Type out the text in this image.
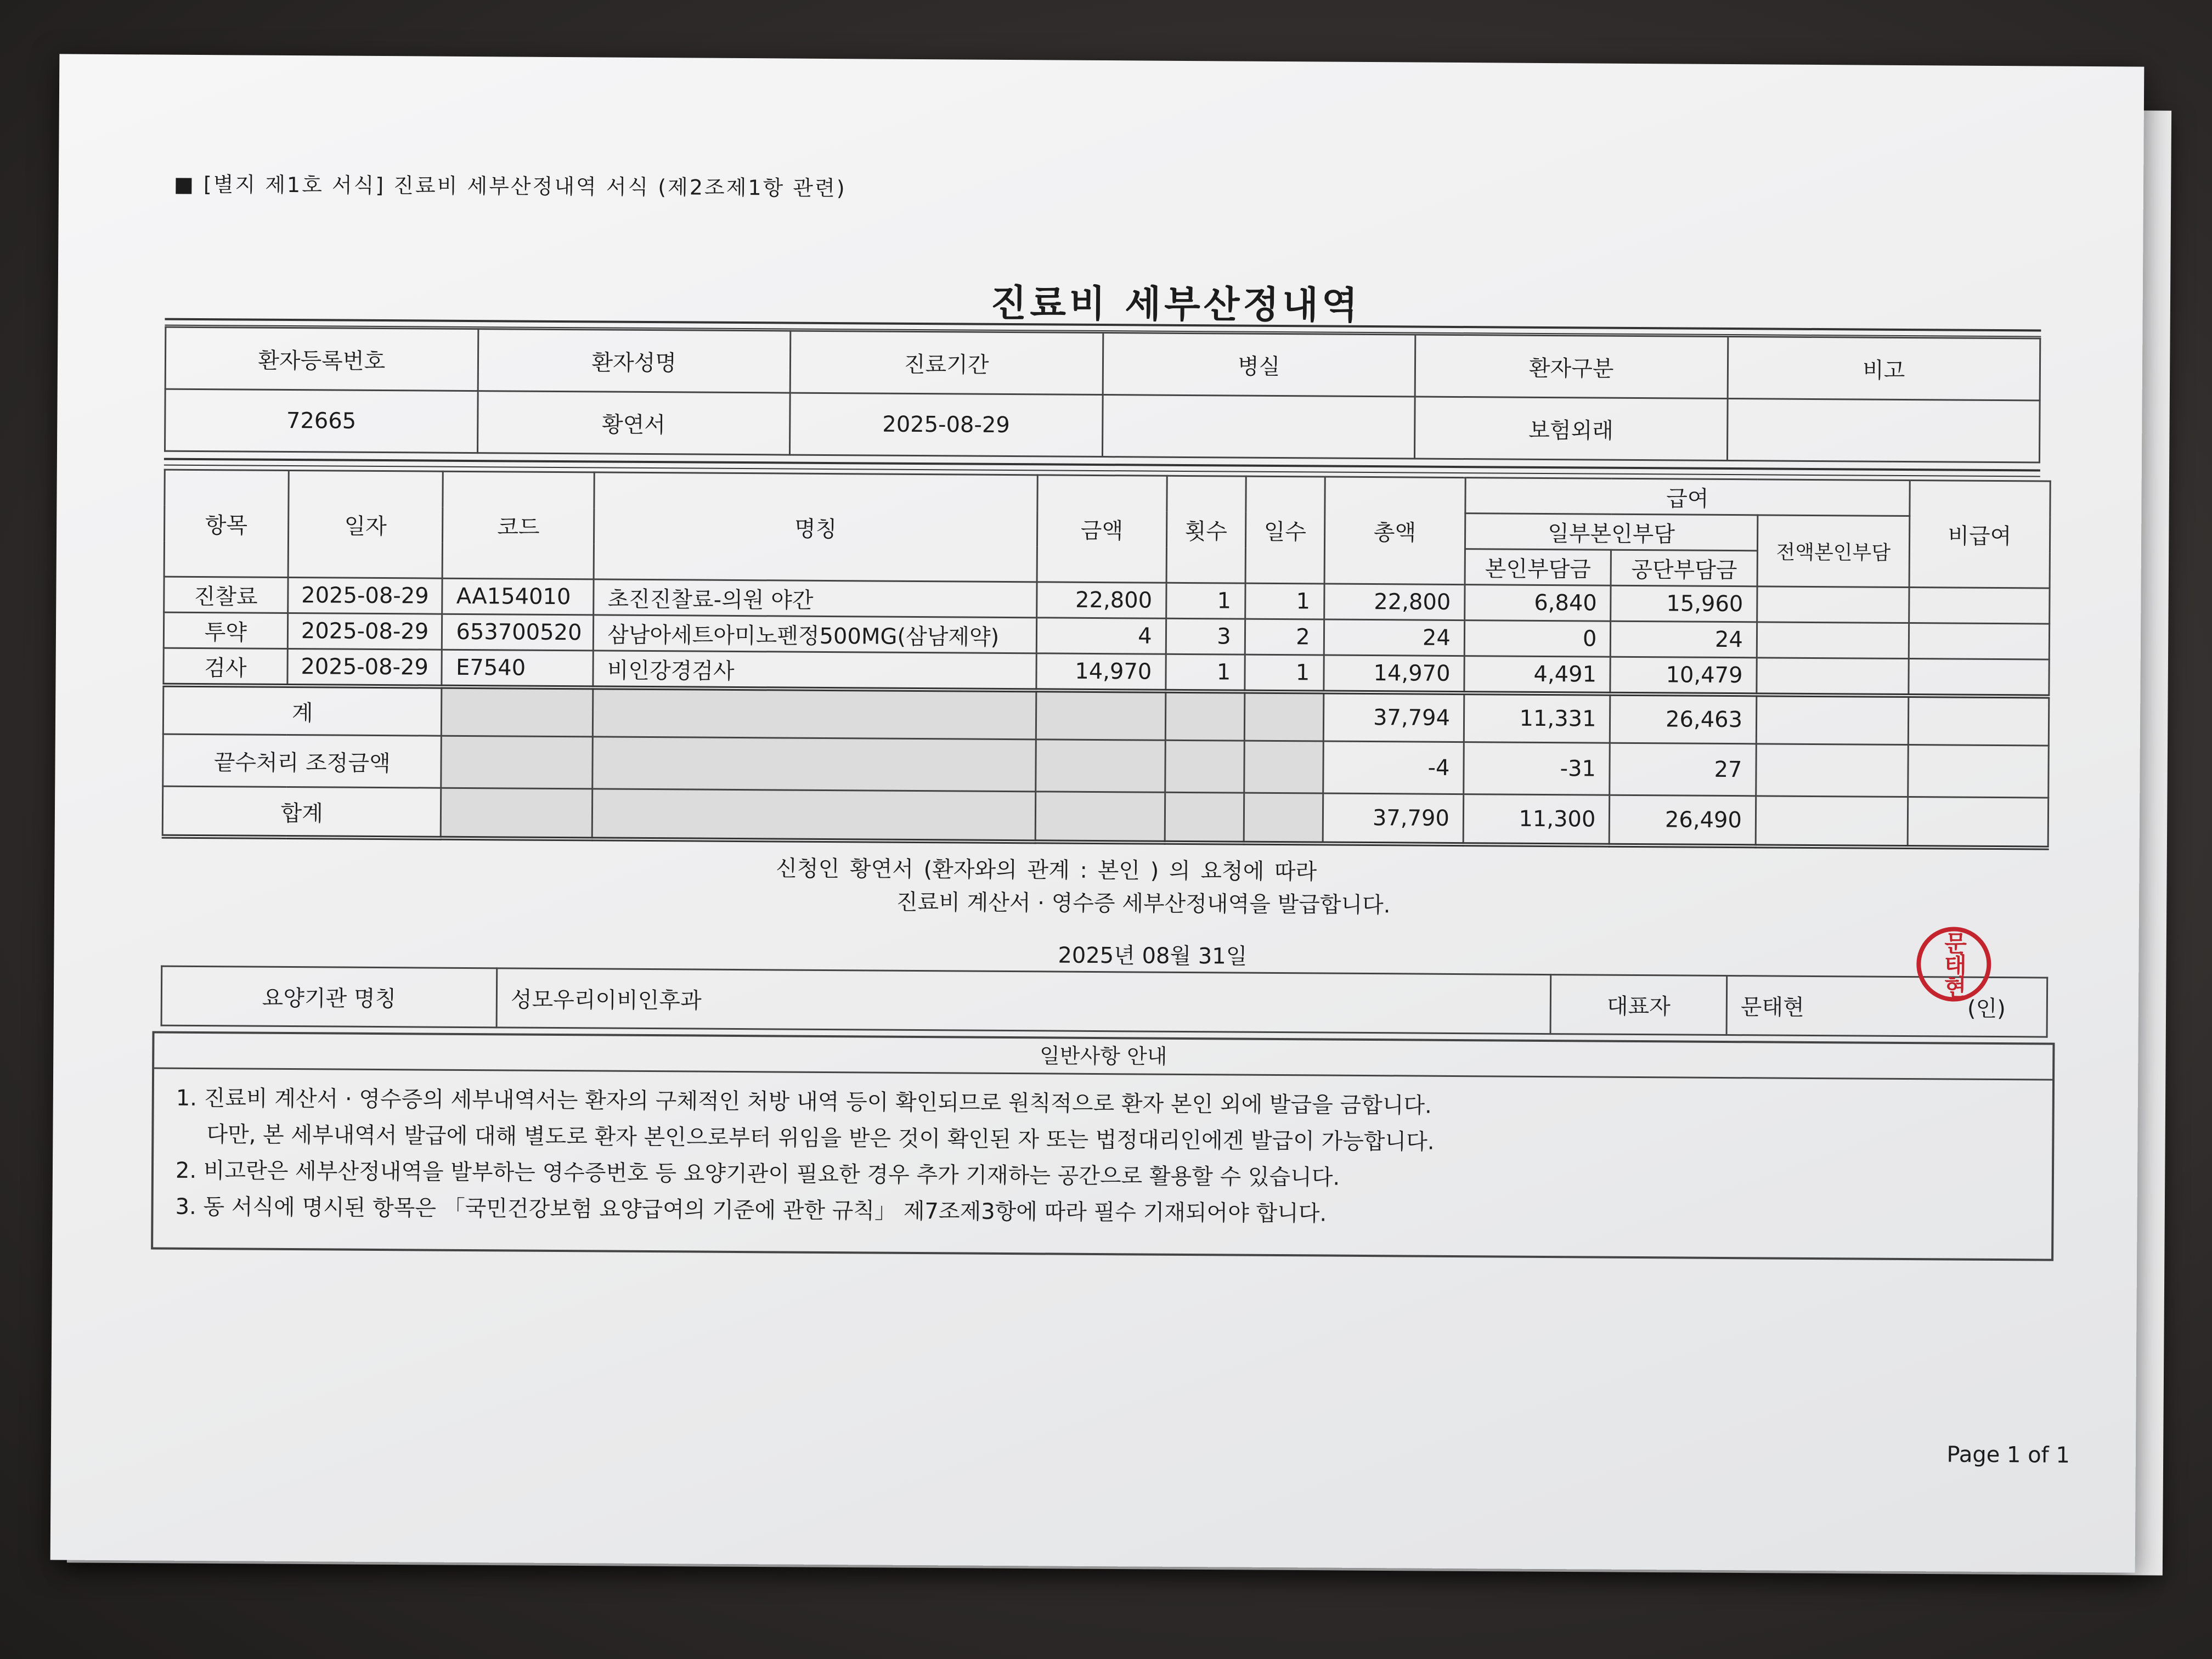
■ [별지 제1호 서식] 진료비 세부산정내역 서식 (제2조제1항 관련)
진료비 세부산정내역
환자등록번호	환자성명	진료기간	병실	환자구분	비고
72665	황연서	2025-08-29		보험외래	
항목	일자	코드	명칭	금액	횟수	일수	총액	급여			비급여
								일부본인부담		전액본인부담	
								본인부담금	공단부담금		
진찰료	2025-08-29	AA154010	초진진찰료-의원 야간	22,800	1	1	22,800	6,840	15,960		
투약	2025-08-29	653700520	삼남아세트아미노펜정500MG(삼남제약)	4	3	2	24	0	24		
검사	2025-08-29	E7540	비인강경검사	14,970	1	1	14,970	4,491	10,479		
계							37,794	11,331	26,463		
끝수처리 조정금액							-4	-31	27		
합계							37,790	11,300	26,490		
신청인 황연서 (환자와의 관계 : 본인 ) 의 요청에 따라
진료비 계산서 · 영수증 세부산정내역을 발급합니다.
2025년 08월 31일
요양기관 명칭	성모우리이비인후과	대표자	문태현	(인)
문태현
일반사항 안내
1. 진료비 계산서 · 영수증의 세부내역서는 환자의 구체적인 처방 내역 등이 확인되므로 원칙적으로 환자 본인 외에 발급을 금합니다.
다만, 본 세부내역서 발급에 대해 별도로 환자 본인으로부터 위임을 받은 것이 확인된 자 또는 법정대리인에겐 발급이 가능합니다.
2. 비고란은 세부산정내역을 발부하는 영수증번호 등 요양기관이 필요한 경우 추가 기재하는 공간으로 활용할 수 있습니다.
3. 동 서식에 명시된 항목은 「국민건강보험 요양급여의 기준에 관한 규칙」 제7조제3항에 따라 필수 기재되어야 합니다.
Page 1 of 1
